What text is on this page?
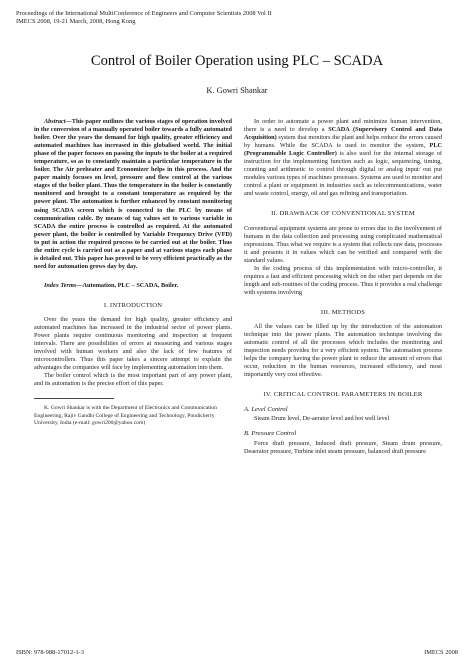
Proceedings of the International MultiConference of Engineers and Computer Scientists 2008 Vol II
IMECS 2008, 19-21 March, 2008, Hong Kong
Control of Boiler Operation using PLC – SCADA
K. Gowri Shankar

Abstract—This paper outlines the various stages of operation involved in the conversion of a manually operated boiler towards a fully automated boiler. Over the years the demand for high quality, greater efficiency and automated machines has increased in this globalised world. The initial phase of the paper focuses on passing the inputs to the boiler at a required temperature, so as to constantly maintain a particular temperature in the boiler. The Air preheater and Economizer helps in this process. And the paper mainly focuses on level, pressure and flow control at the various stages of the boiler plant. Thus the temperature in the boiler is constantly monitored and brought to a constant temperature as required by the power plant. The automation is further enhanced by constant monitoring using SCADA screen which is connected to the PLC by means of communication cable. By means of tag values set to various variable in SCADA the entire process is controlled as required. At the automated power plant, the boiler is controlled by Variable Frequency Drive (VFD) to put in action the required process to be carried out at the boiler. Thus the entire cycle is carried out as a paper and at various stages each phase is detailed out. This paper has proved to be very efficient practically as the need for automation grows day by day.

Index Terms—Automation, PLC – SCADA, Boiler.

I. INTRODUCTION

Over the years the demand for high quality, greater efficiency and automated machines has increased in the industrial sector of power plants. Power plants require continuous monitoring and inspection at frequent intervals. There are possibilities of errors at measuring and various stages involved with human workers and also the lack of few features of microcontrollers. Thus this paper takes a sincere attempt to explain the advantages the companies will face by implementing automation into them.

The boiler control which is the most important part of any power plant, and its automation is the precise effort of this paper.

K. Gowri Shankar is with the Department of Electronics and Communication Engineering, Rajiv Gandhi College of Engineering and Technology, Pondicherry University, India (e-mail: gowri200@yahoo.com)

In order to automate a power plant and minimize human intervention, there is a need to develop a SCADA (Supervisory Control and Data Acquisition) system that monitors the plant and helps reduce the errors caused by humans. While the SCADA is used to monitor the system, PLC (Programmable Logic Controller) is also used for the internal storage of instruction for the implementing function such as logic, sequencing, timing, counting and arithmetic to control through digital or analog input/ out put modules various types of machines processes. Systems are used to monitor and control a plant or equipment in industries such as telecommunications, water and waste control, energy, oil and gas refining and transportation.

II. DRAWBACK OF CONVENTIONAL SYSTEM

Conventional equipment systems are prone to errors due to the involvement of humans in the data collection and processing using complicated mathematical expressions. Thus what we require is a system that collects raw data, processes it and presents it in values which can be verified and compared with the standard values.

In the coding process of this implementation with micro-controller, it requires a fast and efficient processing which on the other part depends on the length and sub-routines of the coding process. Thus it provides a real challenge with systems involving

III. METHODS

All the values can be filled up by the introduction of the automation technique into the power plants. The automation technique involving the automatic control of all the processes which includes the monitoring and inspection needs provides for a very efficient system. The automation process helps the company having the power plant to reduce the amount of errors that occur, reduction in the human resources, increased efficiency, and most importantly very cost effective.

IV. CRITICAL CONTROL PARAMETERS IN BOILER
A. Level Control

Steam Drum level, De-aerator level and hot well level

B. Pressure Control

Force draft pressure, Induced draft pressure, Steam drum pressure, Deaerator pressure, Turbine inlet steam pressure, balanced draft pressure

ISBN: 978-988-17012-1-3	IMECS 2008
